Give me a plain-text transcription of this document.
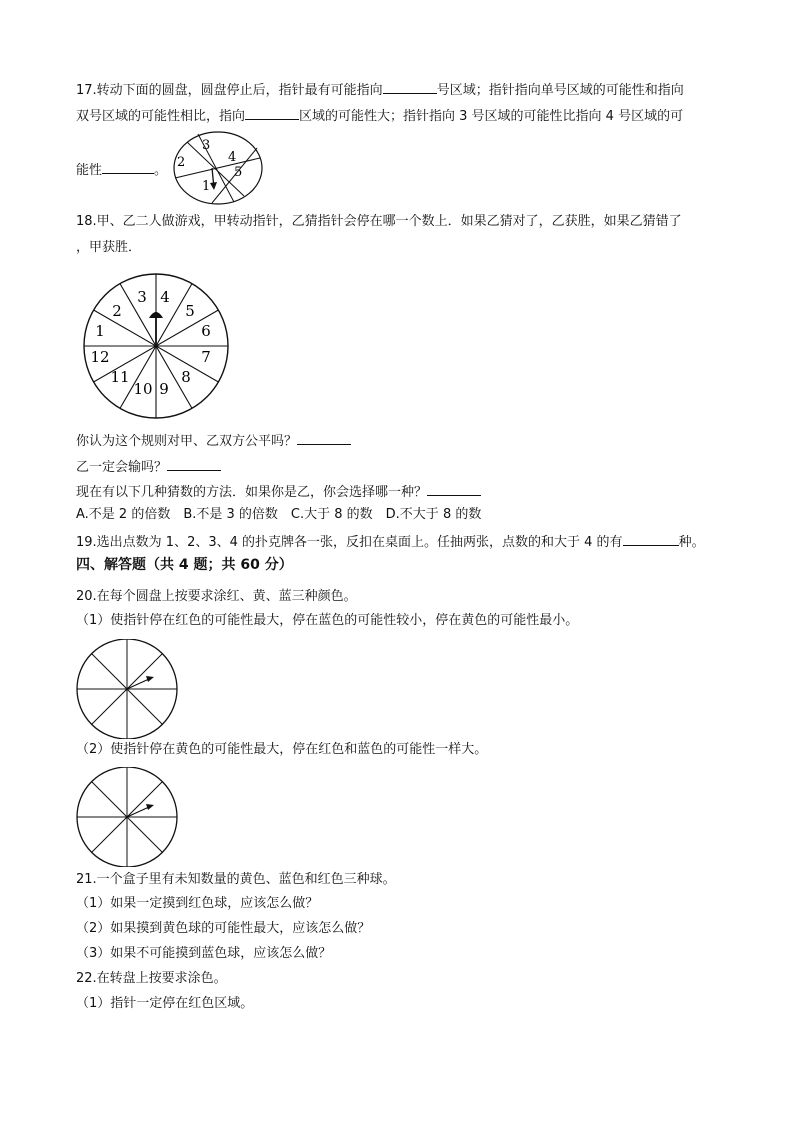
17.转动下面的圆盘，圆盘停止后，指针最有可能指向	号区域；指针指向单号区域的可能性和指向
双号区域的可能性相比，指向	区域的可能性大；指针指向 3 号区域的可能性比指向 4 号区域的可
能性	。
2
3
4
5
1
18.甲、乙二人做游戏，甲转动指针，乙猜指针会停在哪一个数上．如果乙猜对了，乙获胜，如果乙猜错了
，甲获胜．
1
2
3 4
5
6
7
8
9
10
11
12
你认为这个规则对甲、乙双方公平吗？
乙一定会输吗？
现在有以下几种猜数的方法．如果你是乙，你会选择哪一种？
A.不是 2 的倍数　B.不是 3 的倍数　C.大于 8 的数　D.不大于 8 的数
19.选出点数为 1、2、3、4 的扑克牌各一张，反扣在桌面上。任抽两张，点数的和大于 4 的有	种。
四、解答题（共 4 题；共 60 分）
20.在每个圆盘上按要求涂红、黄、蓝三种颜色。
（1）使指针停在红色的可能性最大，停在蓝色的可能性较小，停在黄色的可能性最小。
（2）使指针停在黄色的可能性最大，停在红色和蓝色的可能性一样大。
21.一个盒子里有未知数量的黄色、蓝色和红色三种球。
（1）如果一定摸到红色球，应该怎么做？
（2）如果摸到黄色球的可能性最大，应该怎么做？
（3）如果不可能摸到蓝色球，应该怎么做？
22.在转盘上按要求涂色。
（1）指针一定停在红色区域。
